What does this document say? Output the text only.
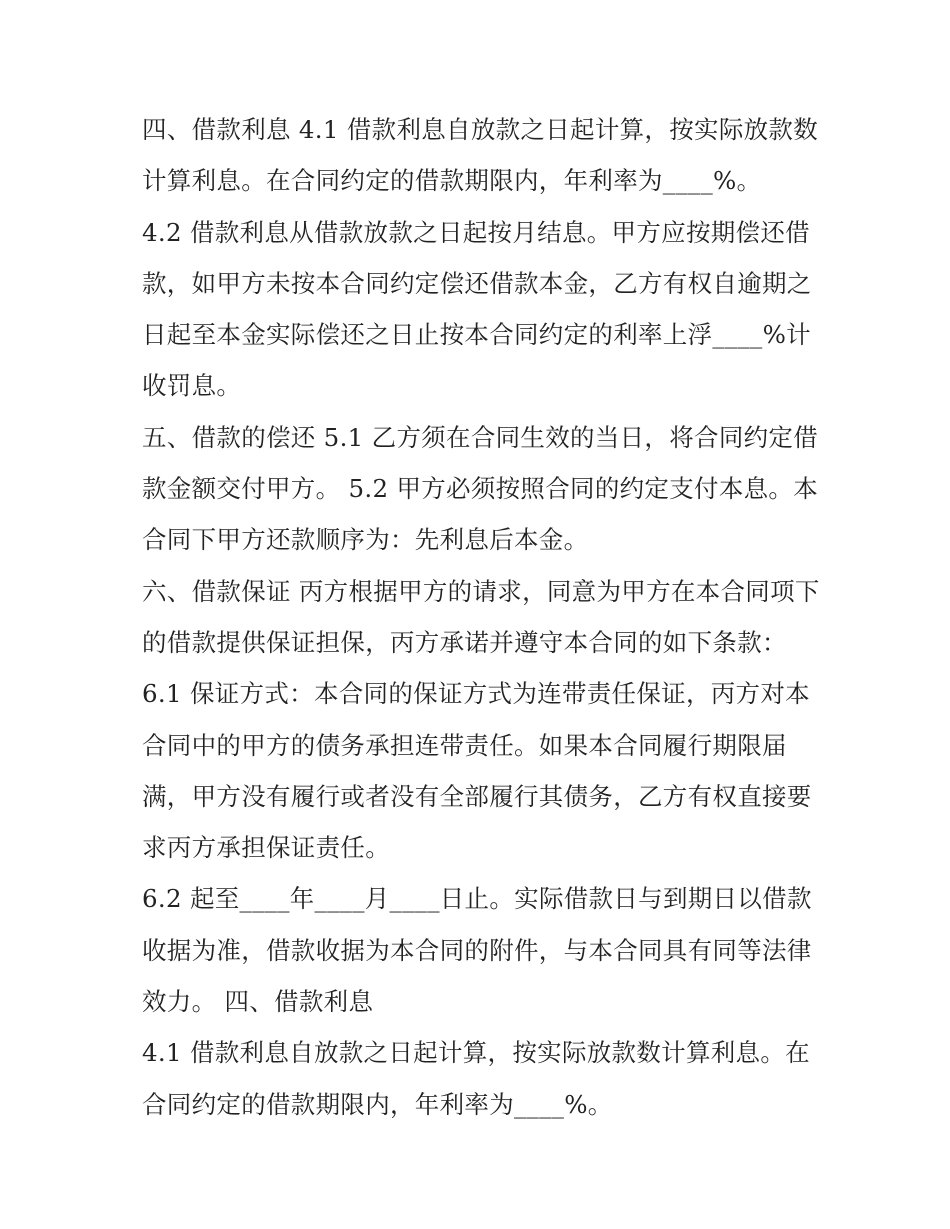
四、借款利息 4.1 借款利息自放款之日起计算，按实际放款数计算利息。在合同约定的借款期限内，年利率为____%。

4.2 借款利息从借款放款之日起按月结息。甲方应按期偿还借款，如甲方未按本合同约定偿还借款本金，乙方有权自逾期之日起至本金实际偿还之日止按本合同约定的利率上浮____%计收罚息。

五、借款的偿还 5.1 乙方须在合同生效的当日，将合同约定借款金额交付甲方。 5.2 甲方必须按照合同的约定支付本息。本合同下甲方还款顺序为：先利息后本金。

六、借款保证 丙方根据甲方的请求，同意为甲方在本合同项下的借款提供保证担保，丙方承诺并遵守本合同的如下条款：

6.1 保证方式：本合同的保证方式为连带责任保证，丙方对本合同中的甲方的债务承担连带责任。如果本合同履行期限届满，甲方没有履行或者没有全部履行其债务，乙方有权直接要求丙方承担保证责任。

6.2 起至____年____月____日止。实际借款日与到期日以借款收据为准，借款收据为本合同的附件，与本合同具有同等法律效力。 四、借款利息

4.1 借款利息自放款之日起计算，按实际放款数计算利息。在合同约定的借款期限内，年利率为____%。
